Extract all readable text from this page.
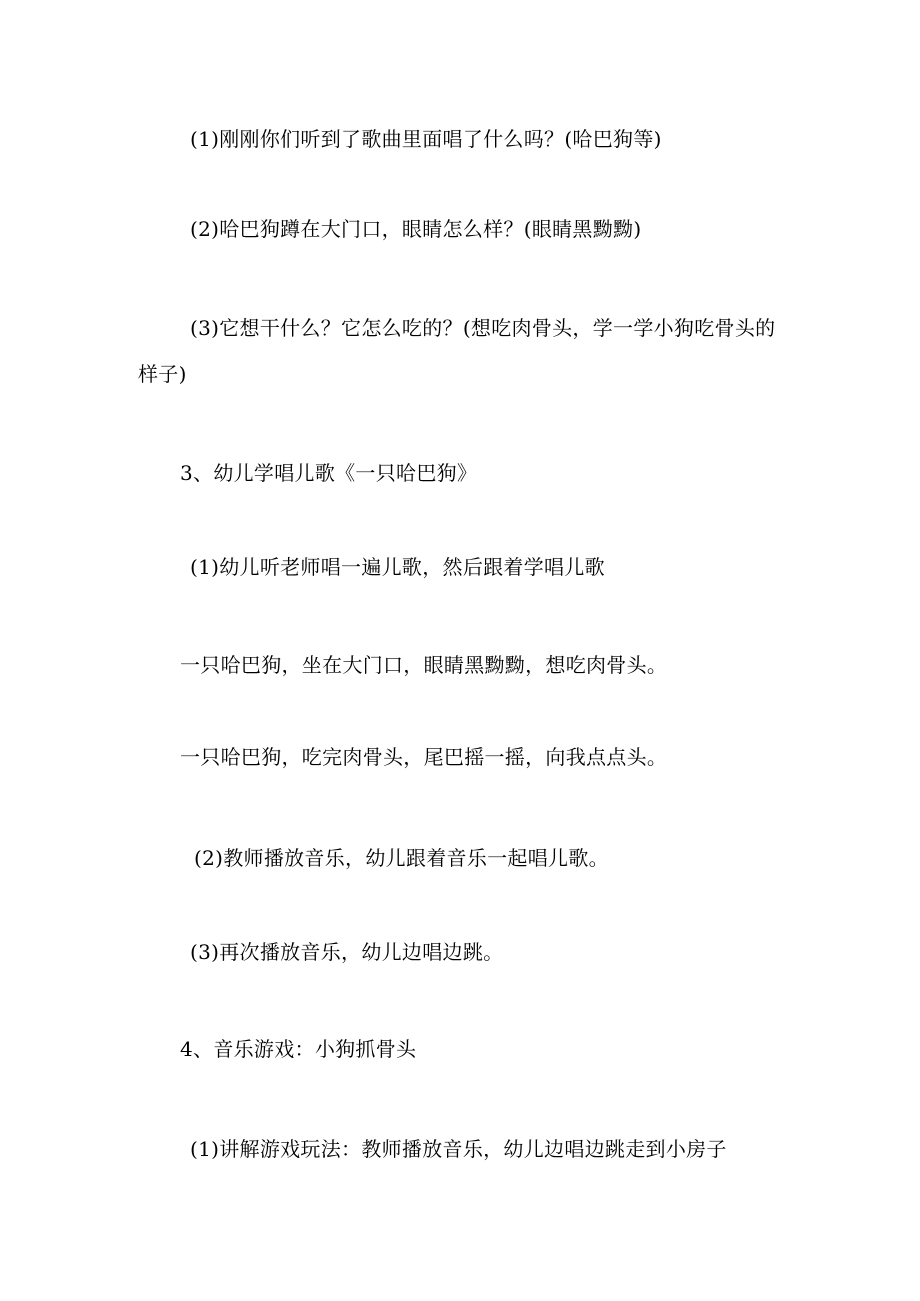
(1)刚刚你们听到了歌曲里面唱了什么吗？(哈巴狗等)

(2)哈巴狗蹲在大门口，眼睛怎么样？(眼睛黑黝黝)

(3)它想干什么？它怎么吃的？(想吃肉骨头，学一学小狗吃骨头的

样子)

3、幼儿学唱儿歌《一只哈巴狗》

(1)幼儿听老师唱一遍儿歌，然后跟着学唱儿歌

一只哈巴狗，坐在大门口，眼睛黑黝黝，想吃肉骨头。

一只哈巴狗，吃完肉骨头，尾巴摇一摇，向我点点头。

(2)教师播放音乐，幼儿跟着音乐一起唱儿歌。

(3)再次播放音乐，幼儿边唱边跳。

4、音乐游戏：小狗抓骨头

(1)讲解游戏玩法：教师播放音乐，幼儿边唱边跳走到小房子
